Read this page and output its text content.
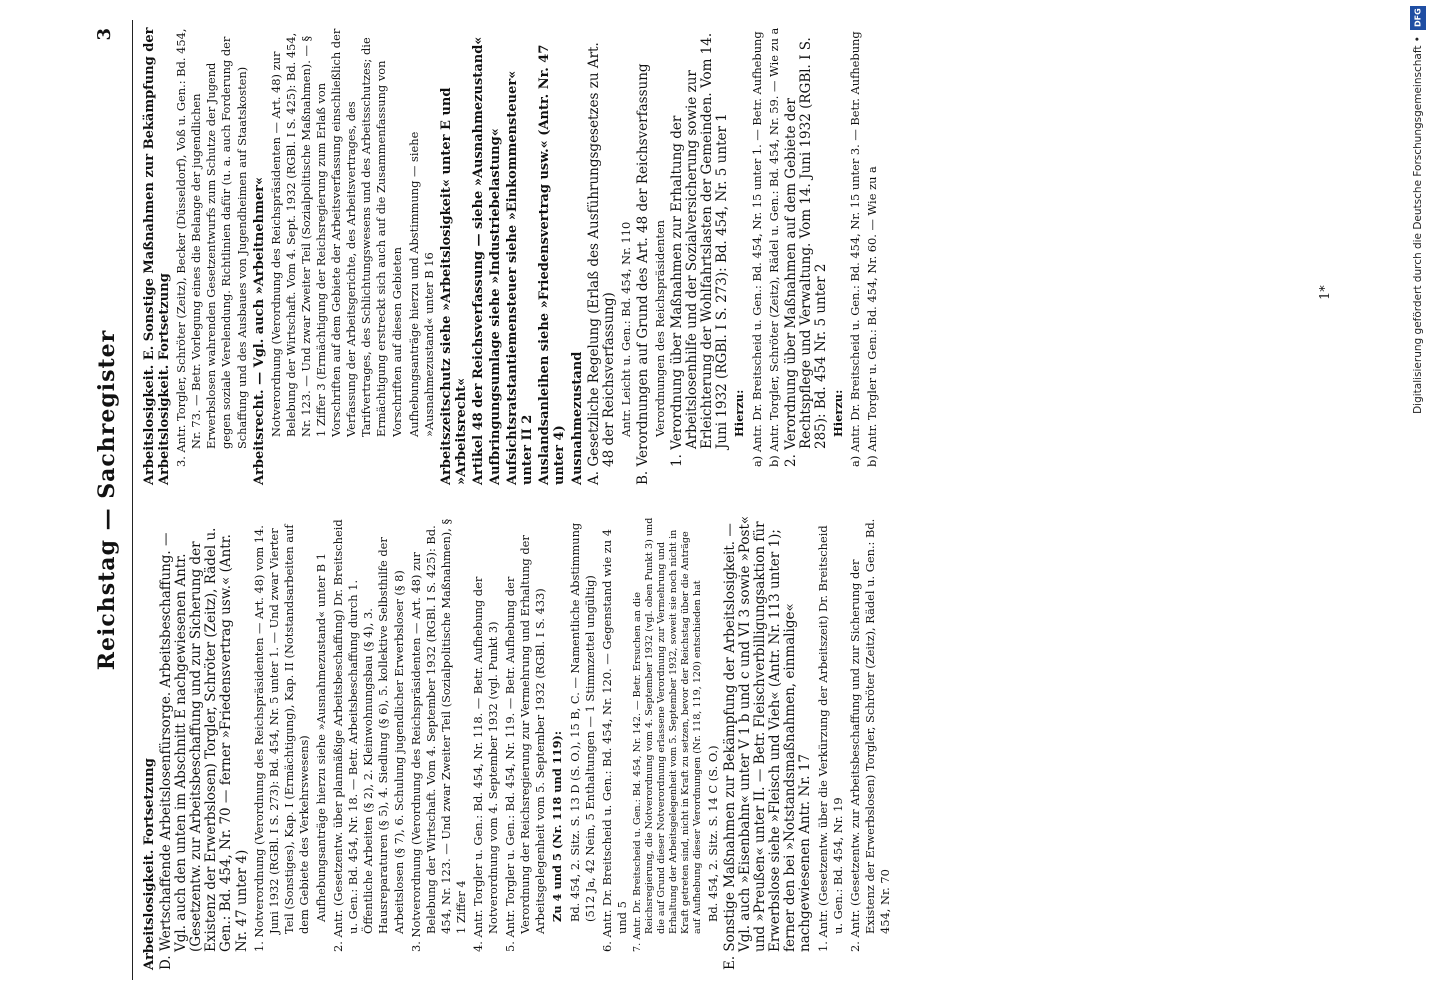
Reichstag — Sachregister
3

Arbeitslosigkeit. Fortsetzung D. Wertschaffende Arbeitslosenfürsorge. Arbeitsbeschaffung. — Vgl. auch den unten im Abschnitt E nachgewiesenen Antr. (Gesetzentw. zur Arbeitsbeschaffung und zur Sicherung der Existenz der Erwerbslosen) Torgler, Schröter (Zeitz), Rädel u. Gen.: Bd. 454, Nr. 70 — ferner »Friedensvertrag usw.« (Antr. Nr. 47 unter 4) 1. Notverordnung (Verordnung des Reichspräsidenten — Art. 48) vom 14. Juni 1932 (RGBl. I S. 273): Bd. 454, Nr. 5 unter 1. — Und zwar Vierter Teil (Sonstiges), Kap. I (Ermächtigung), Kap. II (Notstandsarbeiten auf dem Gebiete des Verkehrswesens) Aufhebungsanträge hierzu siehe »Ausnahmezustand« unter B 1 2. Antr. (Gesetzentw. über planmäßige Arbeitsbeschaffung) Dr. Breitscheid u. Gen.: Bd. 454, Nr. 18. — Betr. Arbeitsbeschaffung durch 1. Öffentliche Arbeiten (§ 2), 2. Kleinwohnungsbau (§ 4), 3. Hausreparaturen (§ 5), 4. Siedlung (§ 6), 5. kollektive Selbsthilfe der Arbeitslosen (§ 7), 6. Schulung jugendlicher Erwerbsloser (§ 8) 3. Notverordnung (Verordnung des Reichspräsidenten — Art. 48) zur Belebung der Wirtschaft. Vom 4. September 1932 (RGBl. I S. 425): Bd. 454, Nr. 123. — Und zwar Zweiter Teil (Sozialpolitische Maßnahmen), § 1 Ziffer 4 4. Antr. Torgler u. Gen.: Bd. 454, Nr. 118. — Betr. Aufhebung der Notverordnung vom 4. September 1932 (vgl. Punkt 3) 5. Antr. Torgler u. Gen.: Bd. 454, Nr. 119. — Betr. Aufhebung der Verordnung der Reichsregierung zur Vermehrung und Erhaltung der Arbeitsgelegenheit vom 5. September 1932 (RGBl. I S. 433) Zu 4 und 5 (Nr. 118 und 119): Bd. 454, 2. Sitz. S. 13 D (S. O.), 15 B, C. — Namentliche Abstimmung (512 Ja, 42 Nein, 5 Enthaltungen — 1 Stimmzettel ungültig) 6. Antr. Dr. Breitscheid u. Gen.: Bd. 454, Nr. 120. — Gegenstand wie zu 4 und 5 7. Antr. Dr. Breitscheid u. Gen.: Bd. 454, Nr. 142. — Betr. Ersuchen an die Reichsregierung, die Notverordnung vom 4. September 1932 (vgl. oben Punkt 3) und die auf Grund dieser Notverordnung erlassene Verordnung zur Vermehrung und Erhaltung der Arbeitsgelegenheit vom 5. September 1932, soweit sie noch nicht in Kraft getreten sind, nicht in Kraft zu setzen, bevor der Reichstag über die Anträge auf Aufhebung dieser Verordnungen (Nr. 118, 119, 120) entschieden hat Bd. 454, 2. Sitz. S. 14 C (S. O.) E. Sonstige Maßnahmen zur Bekämpfung der Arbeitslosigkeit. — Vgl. auch »Eisenbahn« unter V 1 b und c und VI 3 sowie »Post« und »Preußen« unter II. — Betr. Fleischverbilligungsaktion für Erwerbslose siehe »Fleisch und Vieh« (Antr. Nr. 113 unter 1); ferner den bei »Notstandsmaßnahmen, einmalige« nachgewiesenen Antr. Nr. 17 1. Antr. (Gesetzentw. über die Verkürzung der Arbeitszeit) Dr. Breitscheid u. Gen.: Bd. 454, Nr. 19 2. Antr. (Gesetzentw. zur Arbeitsbeschaffung und zur Sicherung der Existenz der Erwerbslosen) Torgler, Schröter (Zeitz), Rädel u. Gen.: Bd. 454, Nr. 70

Arbeitslosigkeit. E. Sonstige Maßnahmen zur Bekämpfung der Arbeitslosigkeit. Fortsetzung 3. Antr. Torgler, Schröter (Zeitz), Becker (Düsseldorf), Voß u. Gen.: Bd. 454, Nr. 73. — Betr. Vorlegung eines die Belange der jugendlichen Erwerbslosen wahrenden Gesetzentwurfs zum Schutze der Jugend gegen soziale Verelendung. Richtlinien dafür (u. a. auch Forderung der Schaffung und des Ausbaues von Jugendheimen auf Staatskosten) Arbeitsrecht. — Vgl. auch »Arbeitnehmer« Notverordnung (Verordnung des Reichspräsidenten — Art. 48) zur Belebung der Wirtschaft. Vom 4. Sept. 1932 (RGBl. I S. 425): Bd. 454, Nr. 123. — Und zwar Zweiter Teil (Sozialpolitische Maßnahmen). — § 1 Ziffer 3 (Ermächtigung der Reichsregierung zum Erlaß von Vorschriften auf dem Gebiete der Arbeitsverfassung einschließlich der Verfassung der Arbeitsgerichte, des Arbeitsvertrages, des Tarifvertrages, des Schlichtungswesens und des Arbeitsschutzes; die Ermächtigung erstreckt sich auch auf die Zusammenfassung von Vorschriften auf diesen Gebieten Aufhebungsanträge hierzu und Abstimmung — siehe »Ausnahmezustand« unter B 16 Arbeitszeitschutz siehe »Arbeitslosigkeit« unter E und »Arbeitsrecht« Artikel 48 der Reichsverfassung — siehe »Ausnahmezustand« Aufbringungsumlage siehe »Industriebelastung« Aufsichtsratstantiemensteuer siehe »Einkommensteuer« unter II 2 Auslandsanleihen siehe »Friedensvertrag usw.« (Antr. Nr. 47 unter 4) Ausnahmezustand A. Gesetzliche Regelung (Erlaß des Ausführungsgesetzes zu Art. 48 der Reichsverfassung) Antr. Leicht u. Gen.: Bd. 454, Nr. 110 B. Verordnungen auf Grund des Art. 48 der Reichsverfassung Verordnungen des Reichspräsidenten 1. Verordnung über Maßnahmen zur Erhaltung der Arbeitslosenhilfe und der Sozialversicherung sowie zur Erleichterung der Wohlfahrtslasten der Gemeinden. Vom 14. Juni 1932 (RGBl. I S. 273): Bd. 454, Nr. 5 unter 1 Hierzu: a) Antr. Dr. Breitscheid u. Gen.: Bd. 454, Nr. 15 unter 1. — Betr. Aufhebung b) Antr. Torgler, Schröter (Zeitz), Rädel u. Gen.: Bd. 454, Nr. 59. — Wie zu a 2. Verordnung über Maßnahmen auf dem Gebiete der Rechtspflege und Verwaltung. Vom 14. Juni 1932 (RGBl. I S. 285): Bd. 454 Nr. 5 unter 2 Hierzu: a) Antr. Dr. Breitscheid u. Gen.: Bd. 454, Nr. 15 unter 3. — Betr. Aufhebung b) Antr. Torgler u. Gen.: Bd. 454, Nr. 60. — Wie zu a	1*
DFG
Digitalisierung gefördert durch die Deutsche Forschungsgemeinschaft •
